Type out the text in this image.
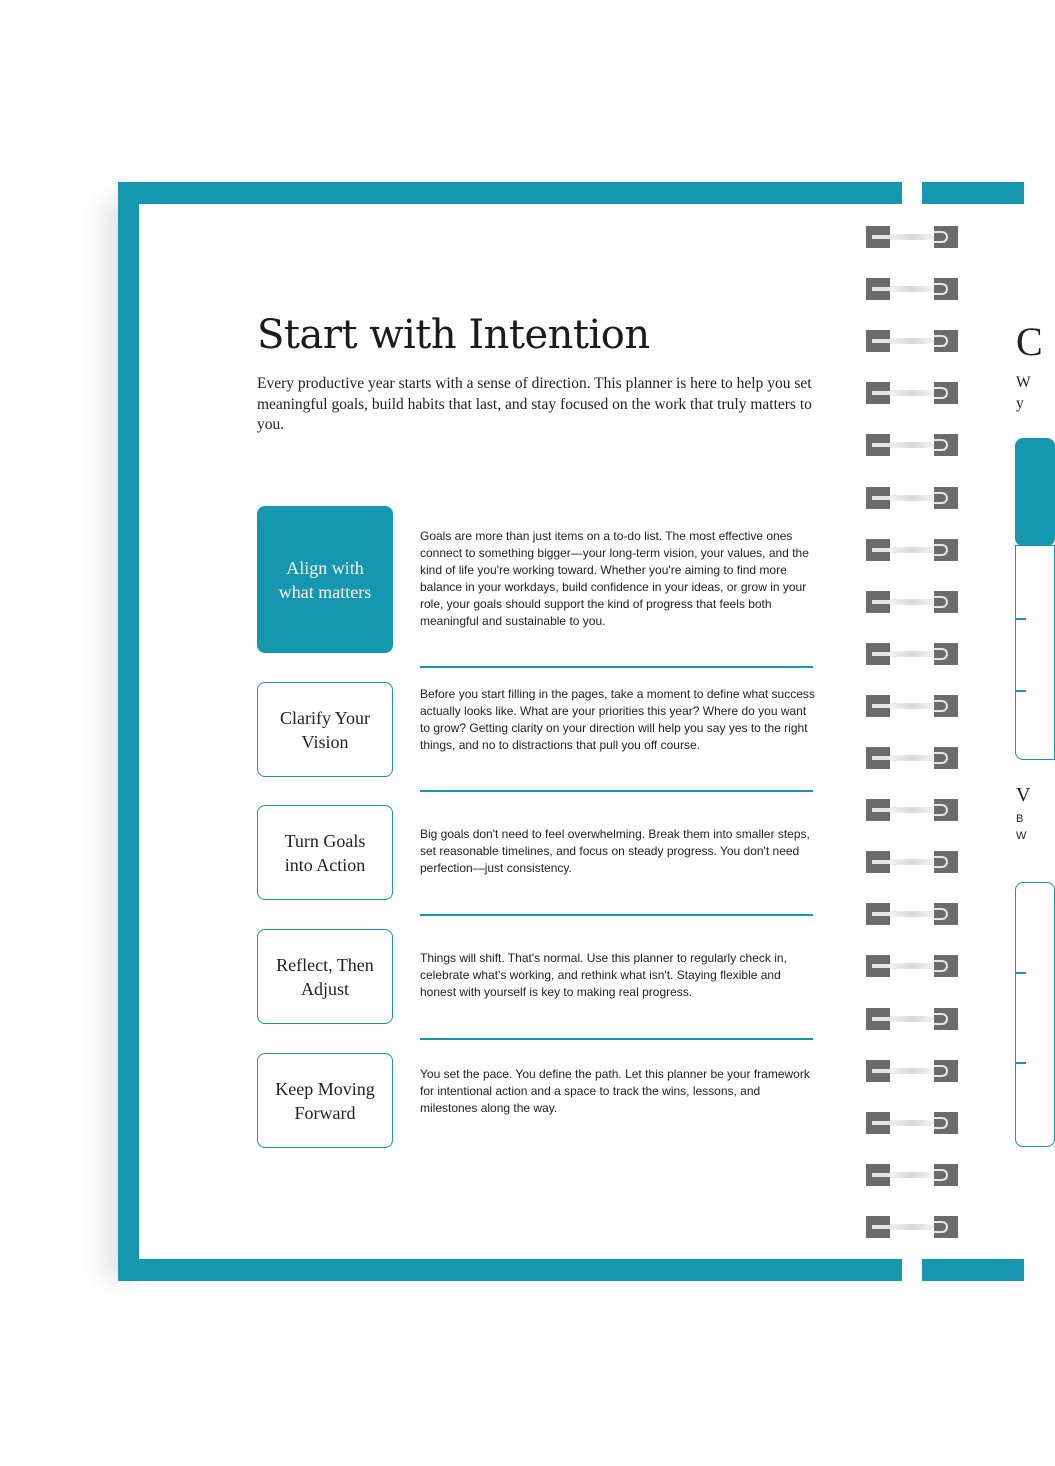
Start with Intention

Every productive year starts with a sense of direction. This planner is here to help you set meaningful goals, build habits that last, and stay focused on the work that truly matters to you.

Align with what matters

Goals are more than just items on a to-do list. The most effective ones connect to something bigger—your long-term vision, your values, and the kind of life you're working toward. Whether you're aiming to find more balance in your workdays, build confidence in your ideas, or grow in your role, your goals should support the kind of progress that feels both meaningful and sustainable to you.

Clarify Your Vision

Before you start filling in the pages, take a moment to define what success actually looks like. What are your priorities this year? Where do you want to grow? Getting clarity on your direction will help you say yes to the right things, and no to distractions that pull you off course.

Turn Goals into Action

Big goals don't need to feel overwhelming. Break them into smaller steps, set reasonable timelines, and focus on steady progress. You don't need perfection—just consistency.

Reflect, Then Adjust

Things will shift. That's normal. Use this planner to regularly check in, celebrate what's working, and rethink what isn't. Staying flexible and honest with yourself is key to making real progress.

Keep Moving Forward

You set the pace. You define the path. Let this planner be your framework for intentional action and a space to track the wins, lessons, and milestones along the way.

C
W
y
V
B
W
